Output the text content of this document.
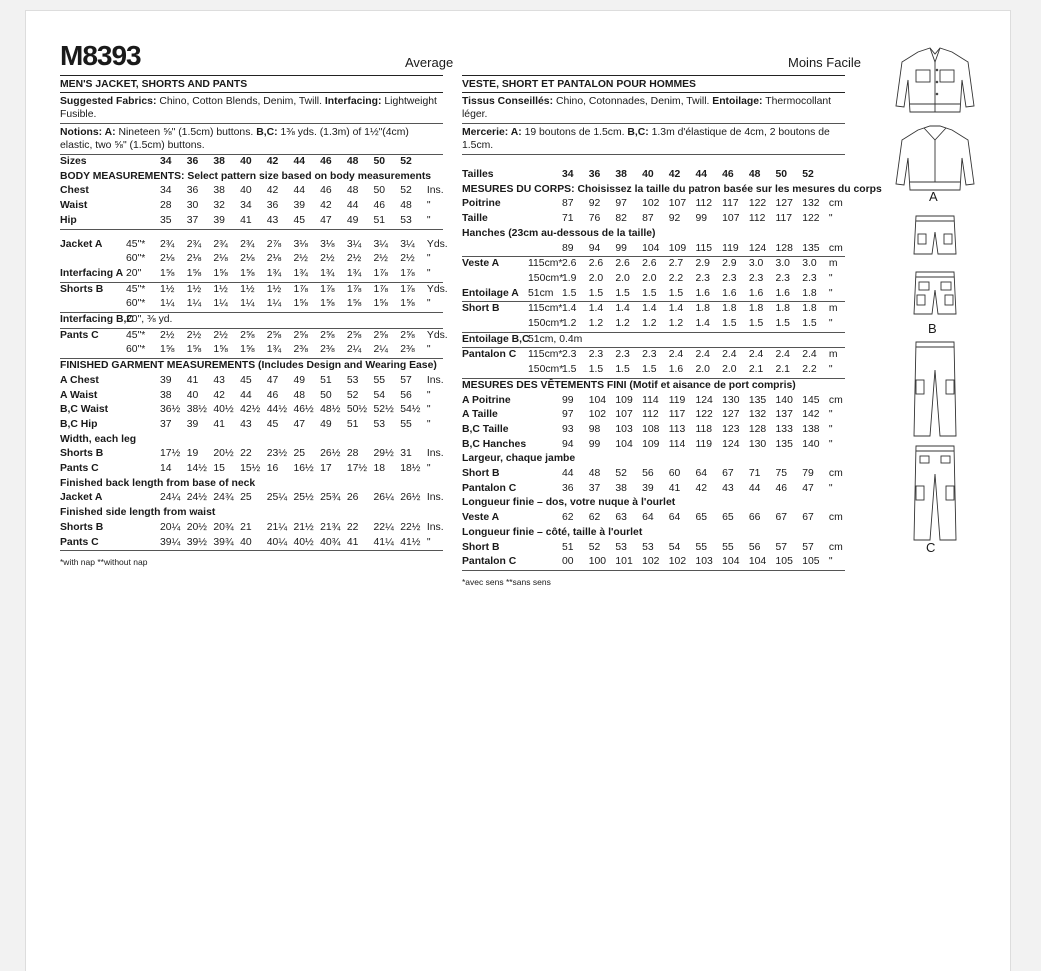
M8393	Average	Moins Facile
MEN'S JACKET, SHORTS AND PANTS
Suggested Fabrics: Chino, Cotton Blends, Denim, Twill. Interfacing: Lightweight Fusible.
Notions: A: Nineteen ⅝" (1.5cm) buttons. B,C: 1⅜ yds. (1.3m) of 1½"(4cm) elastic, two ⅝" (1.5cm) buttons.
Sizes		34	36	38	40	42	44	46	48	50	52	
BODY MEASUREMENTS: Select pattern size based on body measurements												
Chest		34	36	38	40	42	44	46	48	50	52	Ins.
Waist		28	30	32	34	36	39	42	44	46	48	"
Hip		35	37	39	41	43	45	47	49	51	53	"

Jacket A	45"*	2¾	2¾	2¾	2¾	2⅞	3⅛	3⅛	3¼	3¼	3¼	Yds.
	60"*	2⅛	2⅛	2⅛	2⅛	2⅛	2½	2½	2½	2½	2½	"
Interfacing A	20"	1⅝	1⅝	1⅝	1⅝	1¾	1¾	1¾	1¾	1⅞	1⅞	"
Shorts B	45"*	1½	1½	1½	1½	1½	1⅞	1⅞	1⅞	1⅞	1⅞	Yds.
	60"*	1¼	1¼	1¼	1¼	1¼	1⅝	1⅝	1⅝	1⅝	1⅝	"
Interfacing B,C	20", ⅜ yd.											
Pants C	45"*	2½	2½	2½	2⅝	2⅝	2⅝	2⅝	2⅝	2⅝	2⅝	Yds.
	60"*	1⅝	1⅝	1⅝	1⅝	1¾	2⅜	2⅜	2¼	2¼	2⅜	"
FINISHED GARMENT MEASUREMENTS (Includes Design and Wearing Ease)												
A Chest		39	41	43	45	47	49	51	53	55	57	Ins.
A Waist		38	40	42	44	46	48	50	52	54	56	"
B,C Waist		36½	38½	40½	42½	44½	46½	48½	50½	52½	54½	"
B,C Hip		37	39	41	43	45	47	49	51	53	55	"
Width, each leg												
Shorts B		17½	19	20½	22	23½	25	26½	28	29½	31	Ins.
Pants C		14	14½	15	15½	16	16½	17	17½	18	18½	"
Finished back length from base of neck												
Jacket A		24¼	24½	24¾	25	25¼	25½	25¾	26	26¼	26½	Ins.
Finished side length from waist												
Shorts B		20¼	20½	20¾	21	21¼	21½	21¾	22	22¼	22½	Ins.
Pants C		39¼	39½	39¾	40	40¼	40½	40¾	41	41¼	41½	"
*with nap **without nap
VESTE, SHORT ET PANTALON POUR HOMMES
Tissus Conseillés: Chino, Cotonnades, Denim, Twill. Entoilage: Thermocollant léger.
Mercerie: A: 19 boutons de 1.5cm. B,C: 1.3m d'élastique de 4cm, 2 boutons de 1.5cm.
Tailles		34	36	38	40	42	44	46	48	50	52	
MESURES DU CORPS: Choisissez la taille du patron basée sur les mesures du corps												
Poitrine		87	92	97	102	107	112	117	122	127	132	cm
Taille		71	76	82	87	92	99	107	112	117	122	"
Hanches (23cm au-dessous de la taille)												
		89	94	99	104	109	115	119	124	128	135	cm
Veste A	115cm*	2.6	2.6	2.6	2.6	2.7	2.9	2.9	3.0	3.0	3.0	m
	150cm*	1.9	2.0	2.0	2.0	2.2	2.3	2.3	2.3	2.3	2.3	"
Entoilage A	51cm	1.5	1.5	1.5	1.5	1.5	1.6	1.6	1.6	1.6	1.8	"
Short B	115cm*	1.4	1.4	1.4	1.4	1.4	1.8	1.8	1.8	1.8	1.8	m
	150cm*	1.2	1.2	1.2	1.2	1.2	1.4	1.5	1.5	1.5	1.5	"
Entoilage B,C	51cm, 0.4m											
Pantalon C	115cm*	2.3	2.3	2.3	2.3	2.4	2.4	2.4	2.4	2.4	2.4	m
	150cm*	1.5	1.5	1.5	1.5	1.6	2.0	2.0	2.1	2.1	2.2	"
MESURES DES VÊTEMENTS FINI (Motif et aisance de port compris)												
A Poitrine		99	104	109	114	119	124	130	135	140	145	cm
A Taille		97	102	107	112	117	122	127	132	137	142	"
B,C Taille		93	98	103	108	113	118	123	128	133	138	"
B,C Hanches		94	99	104	109	114	119	124	130	135	140	"
Largeur, chaque jambe												
Short B		44	48	52	56	60	64	67	71	75	79	cm
Pantalon C		36	37	38	39	41	42	43	44	46	47	"
Longueur finie – dos, votre nuque à l'ourlet												
Veste A		62	62	63	64	64	65	65	66	67	67	cm
Longueur finie – côté, taille à l'ourlet												
Short B		51	52	53	53	54	55	55	56	57	57	cm
Pantalon C		00	100	101	102	102	103	104	104	105	105	"
*avec sens **sans sens
A
B
C
